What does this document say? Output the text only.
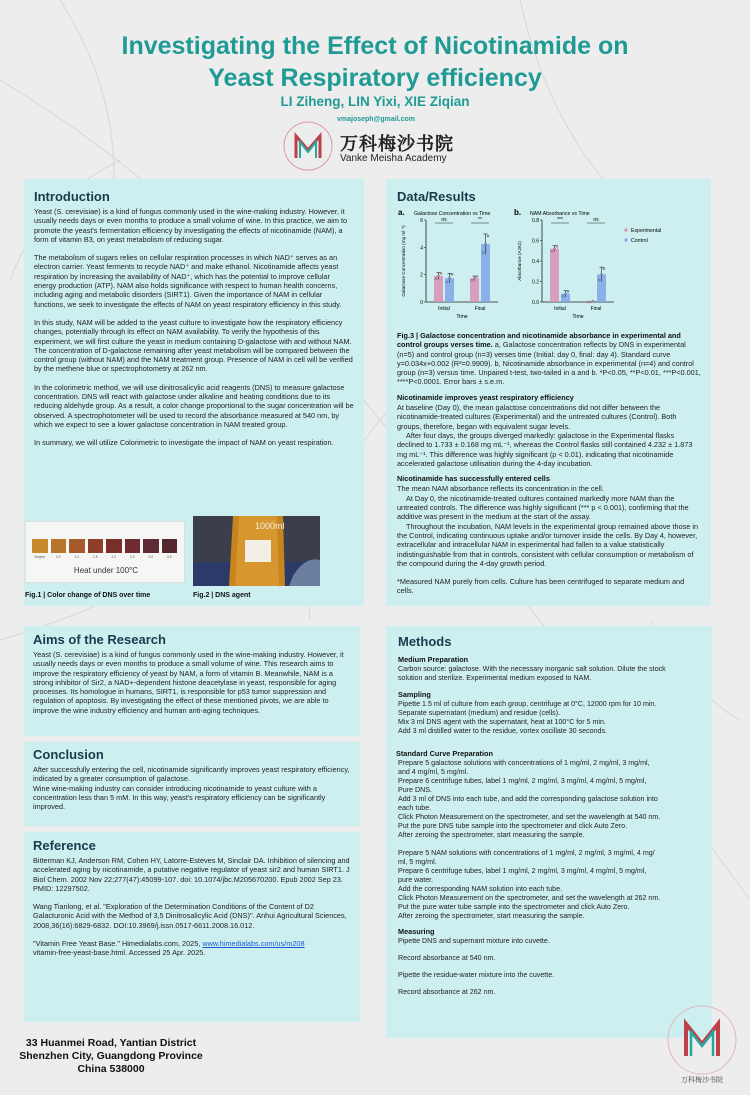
Investigating the Effect of Nicotinamide on
Yeast Respiratory efficiency
LI Ziheng, LIN Yixi, XIE Ziqian
vmajoseph@gmail.com
万科梅沙书院
Vanke Meisha Academy
Introduction

Yeast (S. cerevisiae) is a kind of fungus commonly used in the wine-making industry. However, it usually needs days or even months to produce a small volume of wine. In this practice, we aim to promote the yeast's fermentation efficiency by investigating the effects of nicotinamide (NAM), a form of vitamin B3, on yeast metabolism of reducing sugar.

The metabolism of sugars relies on cellular respiration processes in which NAD⁺ serves as an electron carrier. Yeast ferments to recycle NAD⁺ and make ethanol. Nicotinamide affects yeast respiration by increasing the availability of NAD⁺, which has the potential to improve cellular energy production (ATP). NAM also holds significance with respect to human health concerns, including aging and metabolic disorders (SIRT1). Given the importance of NAM in cellular functions, we seek to investigate the effects of NAM on yeast respiratory efficiency in this study.

In this study, NAM will be added to the yeast culture to investigate how the respiratory efficiency changes, potentially through its effect on NAM availability. To verify the hypothesis of this experiment, we will first culture the yeast in medium containing D-galactose with and without NAM. The concentration of D-galactose remaining after yeast metabolism will be compared between the control group (without NAM) and the NAM treatment group. Presence of NAM in cell will be verified by the methene blue or spectrophotometry at 262 nm.

In the colorimetric method, we will use dinitrosalicylic acid reagents (DNS) to measure galactose concentration. DNS will react with galactose under alkaline and heating conditions due to its reducing aldehyde group. As a result, a color change proportional to the sugar concentration will be observed. A spectrophotometer will be used to record the absorbance measured at 540 nm, by which we expect to see a lower galactose concentration in NAM treated group.

In summary, we will utilize Colorimetric to investigate the impact of NAM on yeast respiration.

0mg/ml	0.5	1.0	1.5	2.0	2.5	3.0	3.5
Heat under 100°C
Fig.1 | Color change of DNS over time
1000ml
Fig.2 | DNS agent
Data/Results

Fig.3 | Galactose concentration and nicotinamide absorbance in experimental and control groups verses time. a, Galactose concentration reflects by DNS in experimental (n=5) and control group (n=3) verses time (Initial: day 0, final: day 4). Standard curve y=0.034x+0.002 (R²=0.9909). b, Nicotinamide absorbance in experimental (n=4) and control group (n=3) versus time. Unpaired t-test, two-tailed in a and b. *P<0.05, **P<0.01, ***P<0.001, ****P<0.0001. Error bars ± s.e.m.

Nicotinamide improves yeast respiratory efficiency
At baseline (Day 0), the mean galactose concentrations did not differ between the nicotinamide-treated cultures (Experimental) and the untreated cultures (Control). Both groups, therefore, began with equivalent sugar levels.
After four days, the groups diverged markedly: galactose in the Experimental flasks declined to 1.733 ± 0.168 mg mL⁻¹, whereas the Control flasks still contained 4.232 ± 1.873 mg mL⁻¹. This difference was highly significant (p < 0.01), indicating that nicotinamide accelerated galactose utilisation during the 4-day incubation.
Nicotinamide has successfully entered cells
The mean NAM absorbance reflects its concentration in the cell.
At Day 0, the nicotinamide-treated cultures contained markedly more NAM than the untreated controls. The difference was highly significant (*** p < 0.001), confirming that the additive was present in the medium at the start of the assay.
Throughout the incubation, NAM levels in the experimental group remained above those in the Control, indicating continuous uptake and/or turnover inside the cells. By Day 4, however, extracellular and intracellular NAM in experimental had fallen to a value statistically indistinguishable from that in controls, consistent with cellular consumption or metabolism of the compound during the 4-day growth period.
*Measured NAM purely from cells. Culture has been centrifuged to separate medium and cells.
a. Galactose Concentration vs Time
0
2
4
6
Galactose Concentration (mg ml⁻¹)
Initial
ns
Final
**
Time
b. NAM Absorbance vs Time
0.0
0.2
0.4
0.6
0.8
Absorbance (A262)
Initial
***
Final
ns
Time
Experimental
Control
Aims of the Research
Yeast (S. cerevisiae) is a kind of fungus commonly used in the wine-making industry. However, it usually needs days or even months to produce a small volume of wine. This research aims to improve the respiratory efficiency of yeast by NAM, a form of vitamin B. Meanwhile, NAM is a strong inhibitor of Sir2, a NAD+-dependent histone deacetylase in yeast, responsible for aging processes. Its homologue in humans, SIRT1, is responsible for p53 tumor suppression and regulation of apoptosis. By investigating the effect of these mentioned pivots, we are able to improve the wine industry efficiency and human anti-aging techniques.
Conclusion
After successfully entering the cell, nicotinamide significantly improves yeast respiratory efficiency, indicated by a greater consumption of galactose.
Wine wine-making industry can consider introducing nicotinamide to yeast culture with a concentration less than 5 mM. In this way, yeast's respiratory efficiency can be significantly improved.
Reference

Bitterman KJ, Anderson RM, Cohen HY, Latorre-Esteves M, Sinclair DA. Inhibition of silencing and accelerated aging by nicotinamide, a putative negative regulator of yeast sir2 and human SIRT1. J Biol Chem. 2002 Nov 22;277(47):45099-107. doi: 10.1074/jbc.M205670200. Epub 2002 Sep 23. PMID: 12297502.

Wang Tianlong, et al. "Exploration of the Determination Conditions of the Content of D2 Galacturonic Acid with the Method of 3,5 Dinitrosalicylic Acid (DNS)". Anhui Agricultural Sciences, 2008,36(16):6829-6832. DOI:10.3969/j.issn.0517-6611.2008.16.012.

"Vitamin Free Yeast Base." Himedialabs.com, 2025, www.himedialabs.com/us/m208
vitamin-free-yeast-base.html. Accessed 25 Apr. 2025.

Methods
Medium Preparation
Carbon source: galactose. With the necessary inorganic salt solution. Dilute the stock
solution and sterilize. Experimental medium exposed to NAM.
Sampling
Pipette 1.5 ml of culture from each group, centrifuge at 0°C, 12000 rpm for 10 min.
Separate supernatant (medium) and residue (cells).
Mix 3 ml DNS agent with the supernatant, heat at 100°C for 5 min.
Add 3 ml distilled water to the residue, vortex oscillate 30 seconds.
Standard Curve Preparation
Prepare 5 galactose solutions with concentrations of 1 mg/ml, 2 mg/ml, 3 mg/ml,
and 4 mg/ml, 5 mg/ml.
Prepare 6 centrifuge tubes, label 1 mg/ml, 2 mg/ml, 3 mg/ml, 4 mg/ml, 5 mg/ml,
Pure DNS.
Add 3 ml of DNS into each tube, and add the corresponding galactose solution into
each tube.
Click Photon Measurement on the spectrometer, and set the wavelength at 540 nm.
Put the pure DNS tube sample into the spectrometer and click Auto Zero.
After zeroing the spectrometer, start measuring the sample.
Prepare 5 NAM solutions with concentrations of 1 mg/ml, 2 mg/ml, 3 mg/ml, 4 mg/
ml, 5 mg/ml.
Prepare 6 centrifuge tubes, label 1 mg/ml, 2 mg/ml, 3 mg/ml, 4 mg/ml, 5 mg/ml,
pure water.
Add the corresponding NAM solution into each tube.
Click Photon Measurement on the spectrometer, and set the wavelength at 262 nm.
Put the pure water tube sample into the spectrometer and click Auto Zero.
After zeroing the spectrometer, start measuring the sample.
Measuring
Pipette DNS and supernant mixture into cuvette.
Record absorbance at 540 nm.
Pipette the residue-water mixture into the cuvette.
Record absorbance at 262 nm.
33 Huanmei Road, Yantian District
Shenzhen City, Guangdong Province
China 538000
万科梅沙书院
